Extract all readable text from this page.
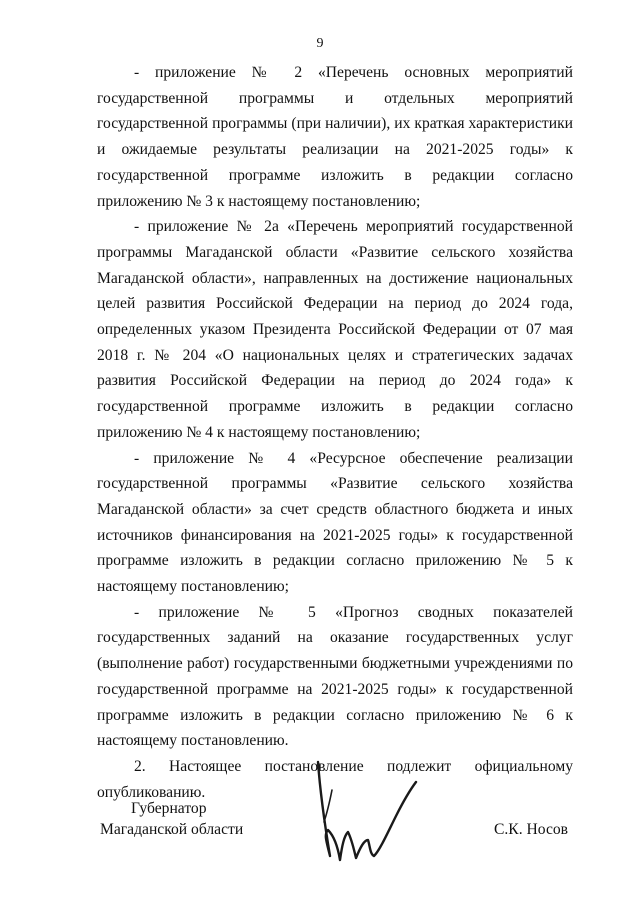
9

- приложение № 2 «Перечень основных мероприятий государственной программы и отдельных мероприятий государственной программы (при наличии), их краткая характеристики и ожидаемые результаты реализации на 2021-2025 годы» к государственной программе изложить в редакции согласно приложению № 3 к настоящему постановлению;

- приложение № 2а «Перечень мероприятий государственной программы Магаданской области «Развитие сельского хозяйства Магаданской области», направленных на достижение национальных целей развития Российской Федерации на период до 2024 года, определенных указом Президента Российской Федерации от 07 мая 2018 г. № 204 «О национальных целях и стратегических задачах развития Российской Федерации на период до 2024 года» к государственной программе изложить в редакции согласно приложению № 4 к настоящему постановлению;

- приложение № 4 «Ресурсное обеспечение реализации государственной программы «Развитие сельского хозяйства Магаданской области» за счет средств областного бюджета и иных источников финансирования на 2021-2025 годы» к государственной программе изложить в редакции согласно приложению № 5 к настоящему постановлению;

- приложение № 5 «Прогноз сводных показателей государственных заданий на оказание государственных услуг (выполнение работ) государственными бюджетными учреждениями по государственной программе на 2021-2025 годы» к государственной программе изложить в редакции согласно приложению № 6 к настоящему постановлению.

2. Настоящее постановление подлежит официальному опубликованию.

Губернатор
Магаданской области	С.К. Носов
